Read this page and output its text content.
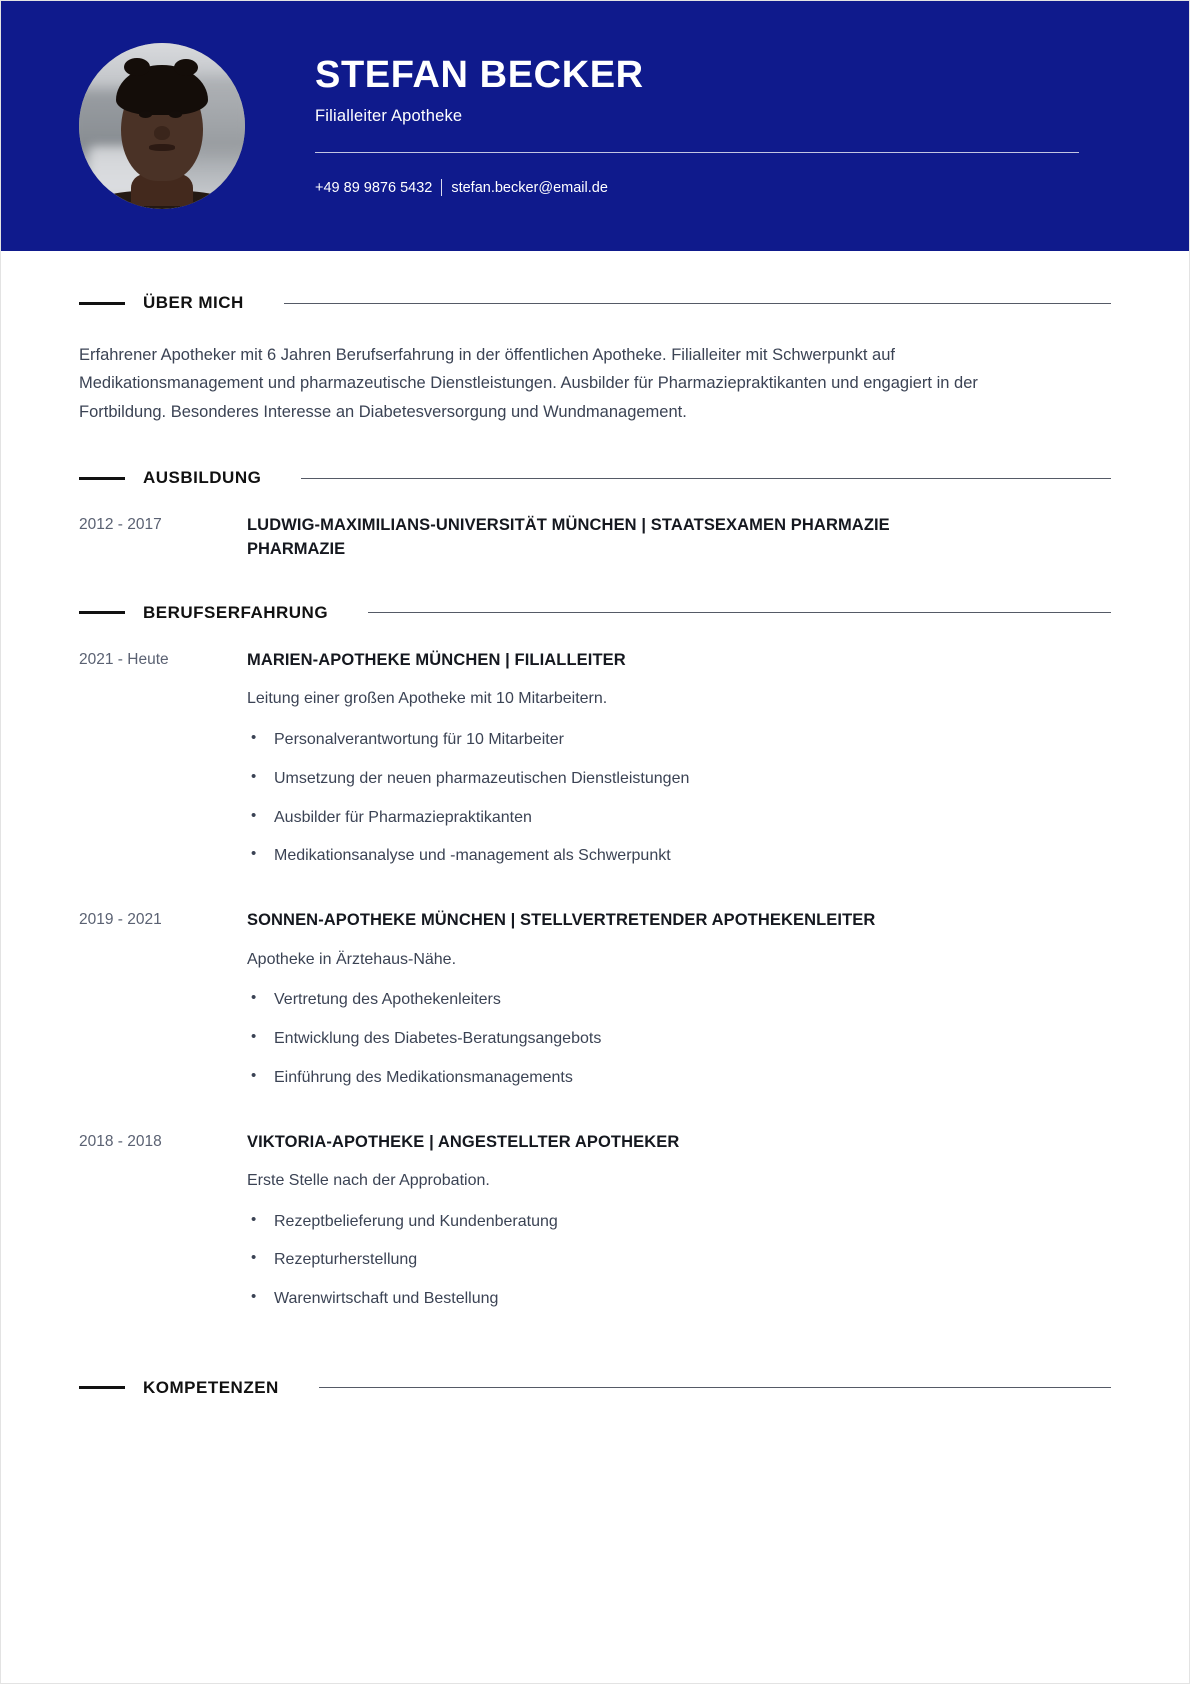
STEFAN BECKER
Filialleiter Apotheke
+49 89 9876 5432 stefan.becker@email.de
ÜBER MICH

Erfahrener Apotheker mit 6 Jahren Berufserfahrung in der öffentlichen Apotheke. Filialleiter mit Schwerpunkt auf Medikationsmanagement und pharmazeutische Dienstleistungen. Ausbilder für Pharmaziepraktikanten und engagiert in der Fortbildung. Besonderes Interesse an Diabetesversorgung und Wundmanagement.

AUSBILDUNG
2012 - 2017	LUDWIG-MAXIMILIANS-UNIVERSITÄT MÜNCHEN | STAATSEXAMEN PHARMAZIE
PHARMAZIE
BERUFSERFAHRUNG
2021 - Heute	MARIEN-APOTHEKE MÜNCHEN | FILIALLEITER
Leitung einer großen Apotheke mit 10 Mitarbeitern.
• Personalverantwortung für 10 Mitarbeiter
• Umsetzung der neuen pharmazeutischen Dienstleistungen
• Ausbilder für Pharmaziepraktikanten
• Medikationsanalyse und -management als Schwerpunkt
2019 - 2021	SONNEN-APOTHEKE MÜNCHEN | STELLVERTRETENDER APOTHEKENLEITER
Apotheke in Ärztehaus-Nähe.
• Vertretung des Apothekenleiters
• Entwicklung des Diabetes-Beratungsangebots
• Einführung des Medikationsmanagements
2018 - 2018	VIKTORIA-APOTHEKE | ANGESTELLTER APOTHEKER
Erste Stelle nach der Approbation.
• Rezeptbelieferung und Kundenberatung
• Rezepturherstellung
• Warenwirtschaft und Bestellung
KOMPETENZEN
